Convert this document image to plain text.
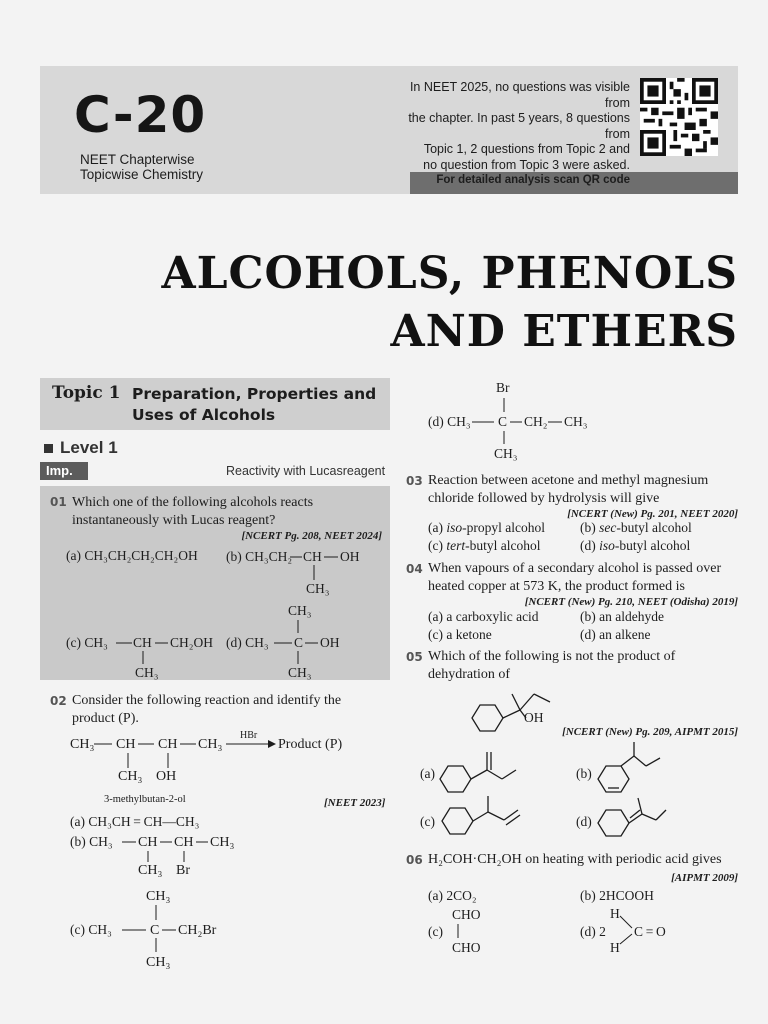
C-20
NEET Chapterwise
Topicwise Chemistry
In NEET 2025, no questions was visible from
the chapter. In past 5 years, 8 questions from
Topic 1, 2 questions from Topic 2 and
no question from Topic 3 were asked.
For detailed analysis scan QR code
ALCOHOLS, PHENOLS
AND ETHERS
Topic 1 Preparation, Properties and Uses of Alcohols
Level 1
Imp.	Reactivity with Lucasreagent
01 Which one of the following alcohols reacts
instantaneously with Lucas reagent?
[NCERT Pg. 208, NEET 2024]
(a) CH₃CH₂CH₂CH₂OH (b) CH₃CH₂ CH OH
CH₃
(c) CH₃ CH CH₂OH
CH₃
(d) CH₃ C OH
CH₃
CH₃
02 Consider the following reaction and identify the
product (P).
CH₃ CH CH CH₃
CH₃ OH
HBr
Product (P)
3-methylbutan-2-ol	[NEET 2023]
(a) CH₃CH = CH—CH₃
(b) CH₃ CH CH CH₃
CH₃ Br
CH₃
(c) CH₃	C CH₂Br
CH₃
Br
(d) CH₃ C CH₂ CH₃
CH₃
03 Reaction between acetone and methyl magnesium
chloride followed by hydrolysis will give
[NCERT (New) Pg. 201, NEET 2020]
(a) iso-propyl alcohol	(b) sec-butyl alcohol
(c) tert-butyl alcohol	(d) iso-butyl alcohol
04 When vapours of a secondary alcohol is passed over
heated copper at 573 K, the product formed is
[NCERT (New) Pg. 210, NEET (Odisha) 2019]
(a) a carboxylic acid	(b) an aldehyde
(c) a ketone	(d) an alkene
05 Which of the following is not the product of
dehydration of
OH
(a)	(b)
(c)	(d)
[NCERT (New) Pg. 209, AIPMT 2015]
06 H₂COH·CH₂OH on heating with periodic acid gives
[AIPMT 2009]
(a) 2CO₂	(b) 2HCOOH
CHO
(c)
CHO
(d) 2
H
H
C = O
